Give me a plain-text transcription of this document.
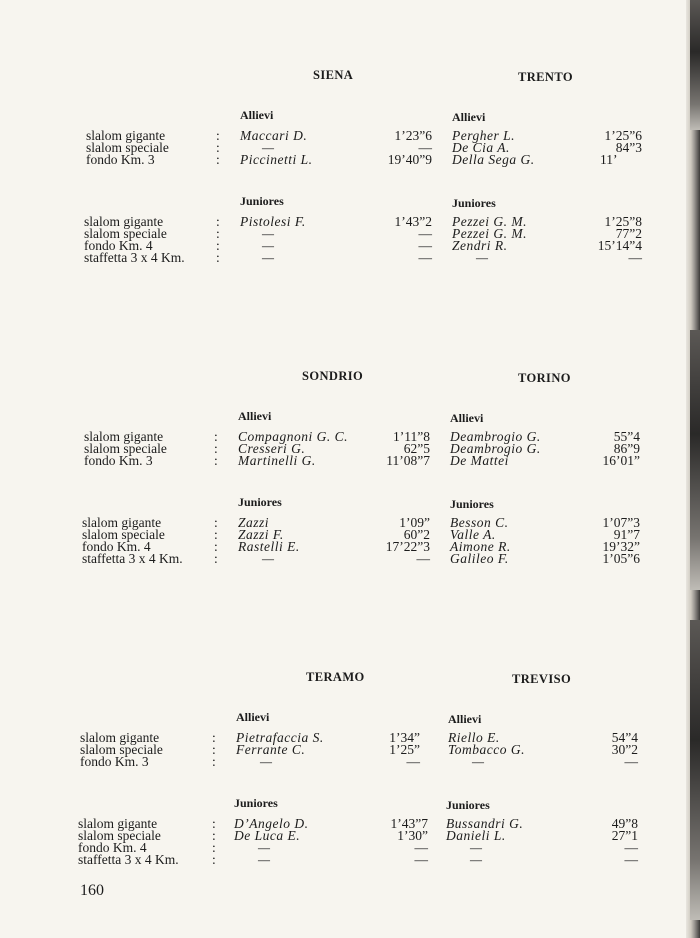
SIENA	TRENTO
Allievi	Allievi
slalom gigante	: Maccari D.	1’23”6 Pergher L.	1’25”6
slalom speciale	:	—	— De Cia A.	84”3
fondo Km. 3	: Piccinetti L.	19’40”9 Della Sega G.	11’
Juniores	Juniores
slalom gigante	: Pistolesi F.	1’43”2 Pezzei G. M.	1’25”8
slalom speciale	:	—	— Pezzei G. M.	77”2
fondo Km. 4	:	—	— Zendri R.	15’14”4
staffetta 3 x 4 Km. :	—	—	—	—
SONDRIO	TORINO
Allievi	Allievi
slalom gigante	: Compagnoni G. C.	1’11”8 Deambrogio G.	55”4
slalom speciale	: Cresseri G.	62”5 Deambrogio G.	86”9
fondo Km. 3	: Martinelli G.	11’08”7 De Mattei	16’01”
Juniores	Juniores
slalom gigante	: Zazzi	1’09” Besson C.	1’07”3
slalom speciale	: Zazzi F.	60”2 Valle A.	91”7
fondo Km. 4	: Rastelli E.	17’22”3 Aimone R.	19’32”
staffetta 3 x 4 Km. :	—	— Galileo F.	1’05”6
TERAMO	TREVISO
Allievi	Allievi
slalom gigante	: Pietrafaccia S.	1’34” Riello E.	54”4
slalom speciale	: Ferrante C.	1’25” Tombacco G.	30”2
fondo Km. 3	:	—	—	—	—
Juniores	Juniores
slalom gigante	: D’Angelo D.	1’43”7 Bussandri G.	49”8
slalom speciale	: De Luca E.	1’30” Danieli L.	27”1
fondo Km. 4	:	—	—	—	—
staffetta 3 x 4 Km. :	—	—	—	—
160
